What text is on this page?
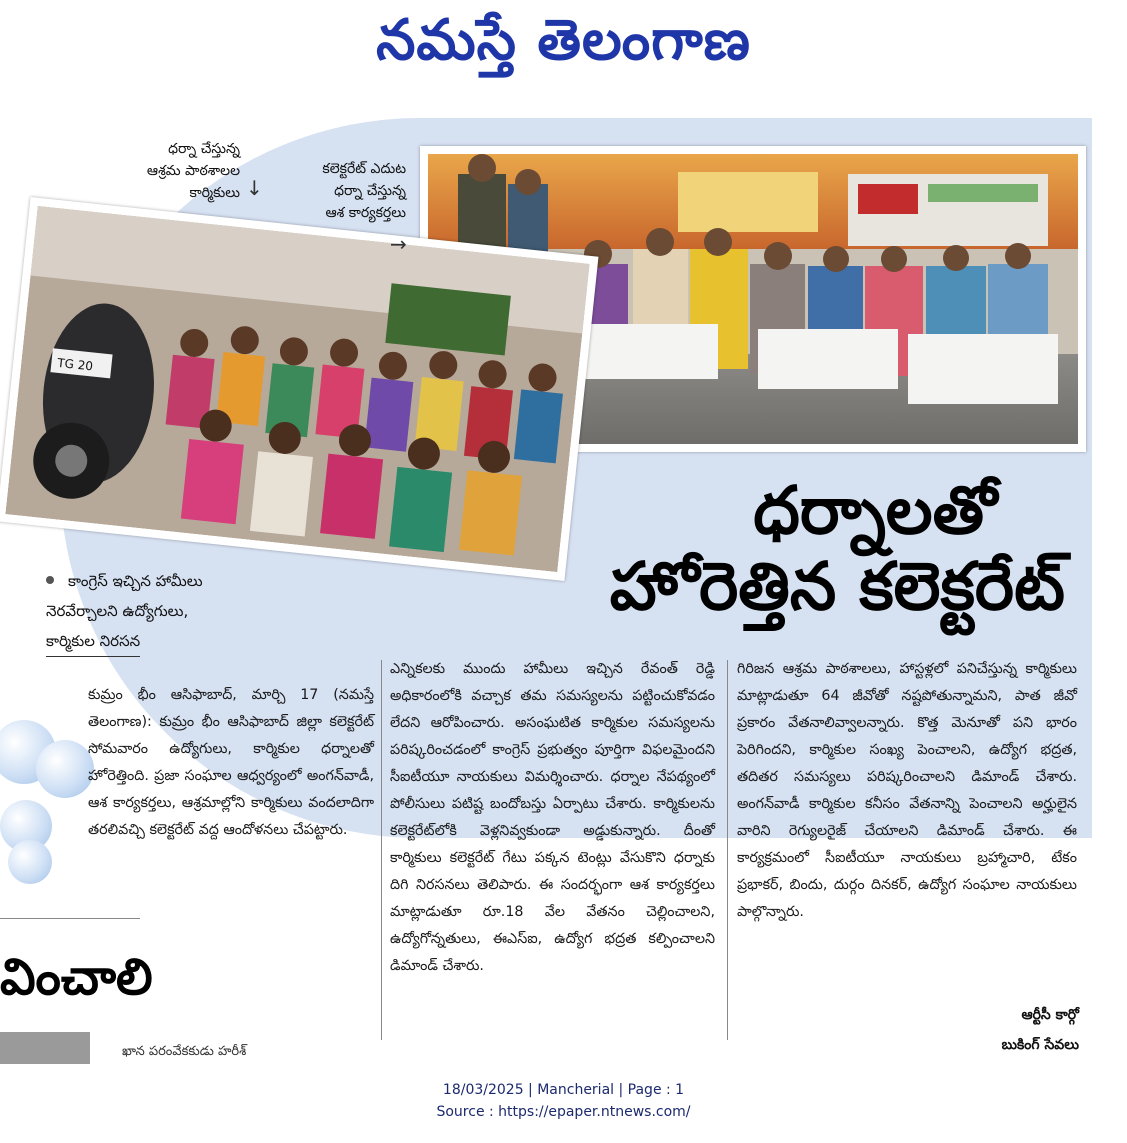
నమస్తే తెలంగాణ
TG 20
ధర్నా చేస్తున్న
ఆశ్రమ పాఠశాలల
కార్మికులు ↓
కలెక్టరేట్ ఎదుట
ధర్నా చేస్తున్న
ఆశ కార్యకర్తలు
→
ధర్నాలతో
హోరెత్తిన కలెక్టరేట్
కాంగ్రెస్ ఇచ్చిన హామీలు
నెరవేర్చాలని ఉద్యోగులు,
కార్మికుల నిరసన
కుమ్రం భీం ఆసిఫాబాద్, మార్చి 17 (నమస్తే తెలంగాణ): కుమ్రం భీం ఆసిఫాబాద్ జిల్లా కలెక్టరేట్ సోమవారం ఉద్యోగులు, కార్మికుల ధర్నాలతో హోరెత్తింది. ప్రజా సంఘాల ఆధ్వర్యంలో అంగన్‌వాడీ, ఆశ కార్యకర్తలు, ఆశ్రమాల్లోని కార్మికులు వందలాదిగా తరలివచ్చి కలెక్టరేట్ వద్ద ఆందోళనలు చేపట్టారు.
ఎన్నికలకు ముందు హామీలు ఇచ్చిన రేవంత్ రెడ్డి అధికారంలోకి వచ్చాక తమ సమస్యలను పట్టించుకోవడం లేదని ఆరోపించారు. అసంఘటిత కార్మికుల సమస్యలను పరిష్కరించడంలో కాంగ్రెస్ ప్రభుత్వం పూర్తిగా విఫలమైందని సీఐటీయూ నాయకులు విమర్శించారు. ధర్నాల నేపథ్యంలో పోలీసులు పటిష్ట బందోబస్తు ఏర్పాటు చేశారు. కార్మికులను కలెక్టరేట్‌లోకి వెళ్లనివ్వకుండా అడ్డుకున్నారు. దీంతో కార్మికులు కలెక్టరేట్ గేటు పక్కన టెంట్లు వేసుకొని ధర్నాకు దిగి నిరసనలు తెలిపారు. ఈ సందర్భంగా ఆశ కార్యకర్తలు మాట్లాడుతూ రూ.18 వేల వేతనం చెల్లించాలని, ఉద్యోగోన్నతులు, ఈఎస్ఐ, ఉద్యోగ భద్రత కల్పించాలని డిమాండ్ చేశారు.
గిరిజన ఆశ్రమ పాఠశాలలు, హాస్టళ్లలో పనిచేస్తున్న కార్మికులు మాట్లాడుతూ 64 జీవోతో నష్టపోతున్నామని, పాత జీవో ప్రకారం వేతనాలివ్వాలన్నారు. కొత్త మెనూతో పని భారం పెరిగిందని, కార్మికుల సంఖ్య పెంచాలని, ఉద్యోగ భద్రత, తదితర సమస్యలు పరిష్కరించాలని డిమాండ్ చేశారు. అంగన్‌వాడీ కార్మికుల కనీసం వేతనాన్ని పెంచాలని అర్హులైన వారిని రెగ్యులరైజ్ చేయాలని డిమాండ్ చేశారు. ఈ కార్యక్రమంలో సీఐటీయూ నాయకులు బ్రహ్మాచారి, టేకం ప్రభాకర్, బిందు, దుర్గం దినకర్, ఉద్యోగ సంఘాల నాయకులు పాల్గొన్నారు.
వించాలి
ఖాన పరంవేకకుడు హరీశ్
ఆర్టీసీ కార్గో
బుకింగ్ సేవలు
18/03/2025 | Mancherial | Page : 1
Source : https://epaper.ntnews.com/
